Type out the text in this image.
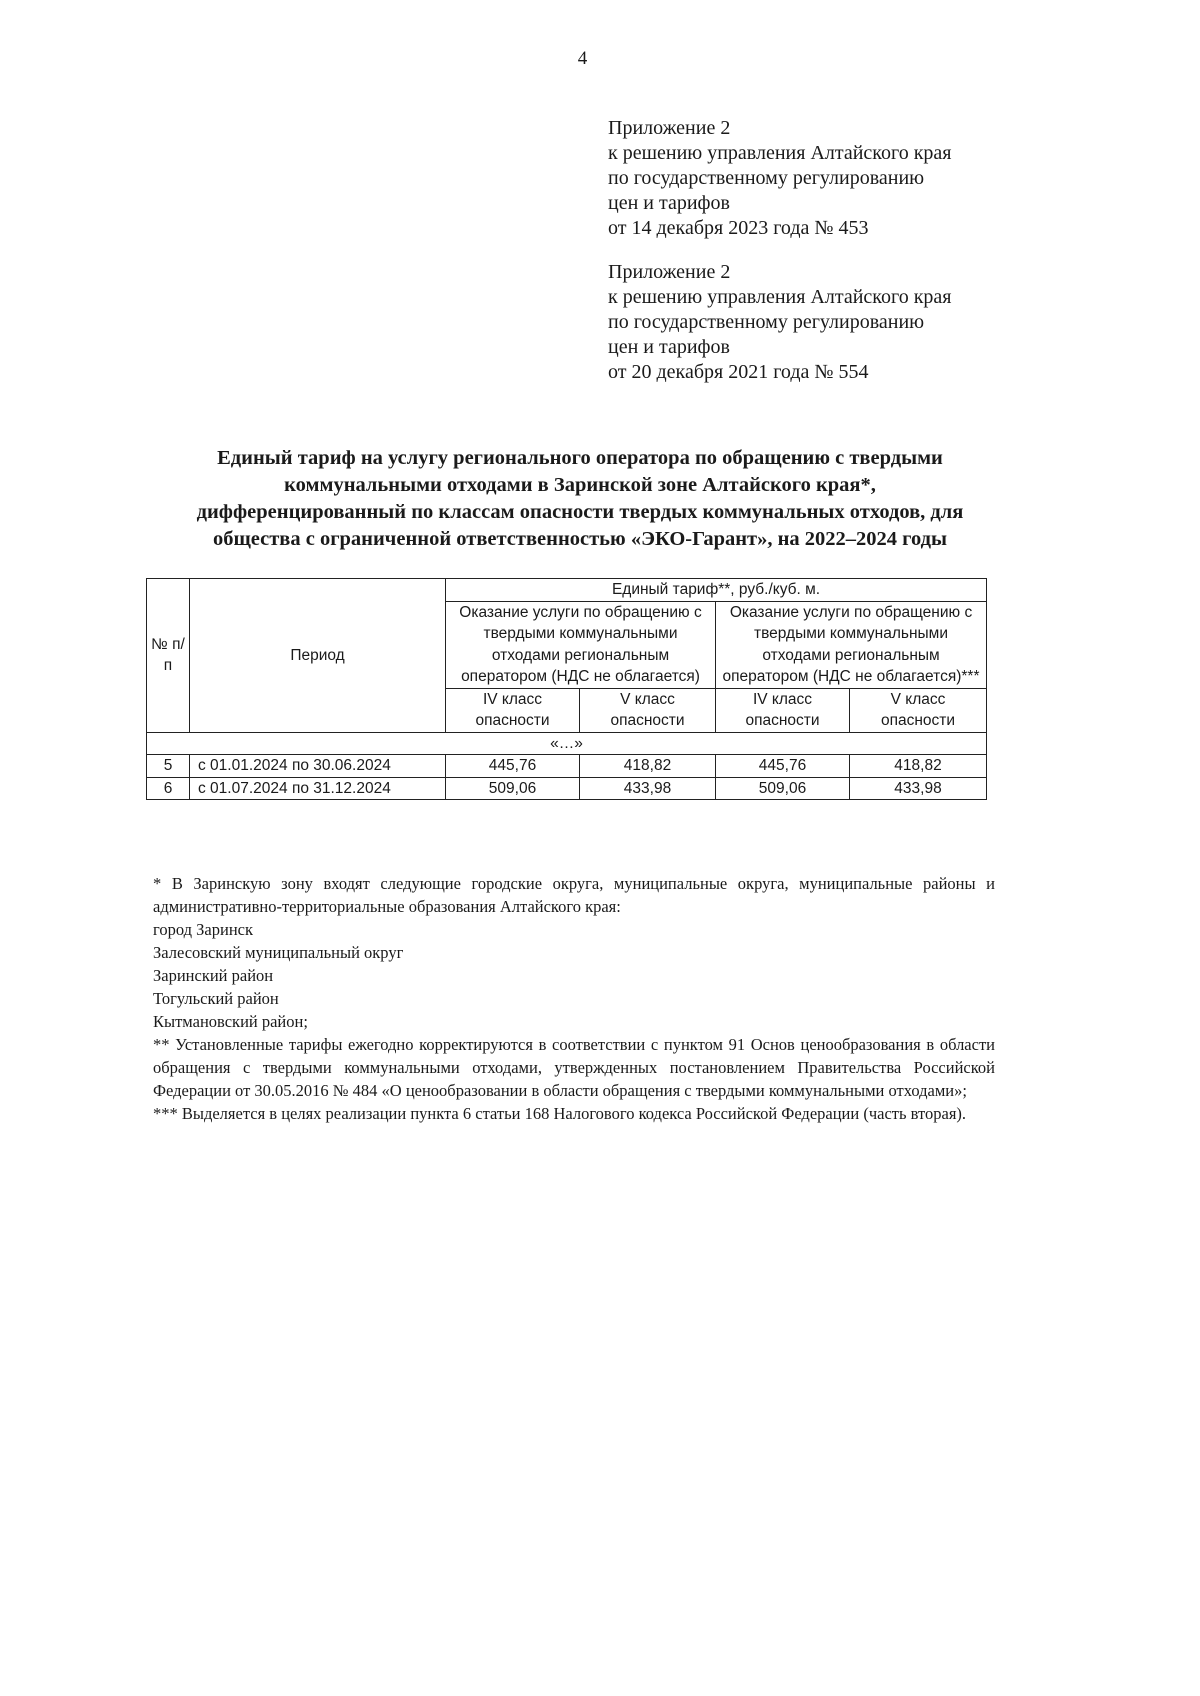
4
Приложение 2
к решению управления Алтайского края
по государственному регулированию
цен и тарифов
от 14 декабря 2023 года № 453
Приложение 2
к решению управления Алтайского края
по государственному регулированию
цен и тарифов
от 20 декабря 2021 года № 554
Единый тариф на услугу регионального оператора по обращению с твердыми
коммунальными отходами в Заринской зоне Алтайского края*,
дифференцированный по классам опасности твердых коммунальных отходов, для
общества с ограниченной ответственностью «ЭКО-Гарант», на 2022–2024 годы
№ п/п	Период	Единый тариф**, руб./куб. м.			
		Оказание услуги по обращению с твердыми коммунальными отходами региональным оператором (НДС не облагается)		Оказание услуги по обращению с твердыми коммунальными отходами региональным оператором (НДС не облагается)***	
		IV класс опасности	V класс опасности	IV класс опасности	V класс опасности
«…»					
5	с 01.01.2024 по 30.06.2024	445,76	418,82	445,76	418,82
6	с 01.07.2024 по 31.12.2024	509,06	433,98	509,06	433,98

* В Заринскую зону входят следующие городские округа, муниципальные округа, муниципальные районы и административно-территориальные образования Алтайского края:

город Заринск

Залесовский муниципальный округ

Заринский район

Тогульский район

Кытмановский район;

** Установленные тарифы ежегодно корректируются в соответствии с пунктом 91 Основ ценообразования в области обращения с твердыми коммунальными отходами, утвержденных постановлением Правительства Российской Федерации от 30.05.2016 № 484 «О ценообразовании в области обращения с твердыми коммунальными отходами»;

*** Выделяется в целях реализации пункта 6 статьи 168 Налогового кодекса Российской Федерации (часть вторая).
